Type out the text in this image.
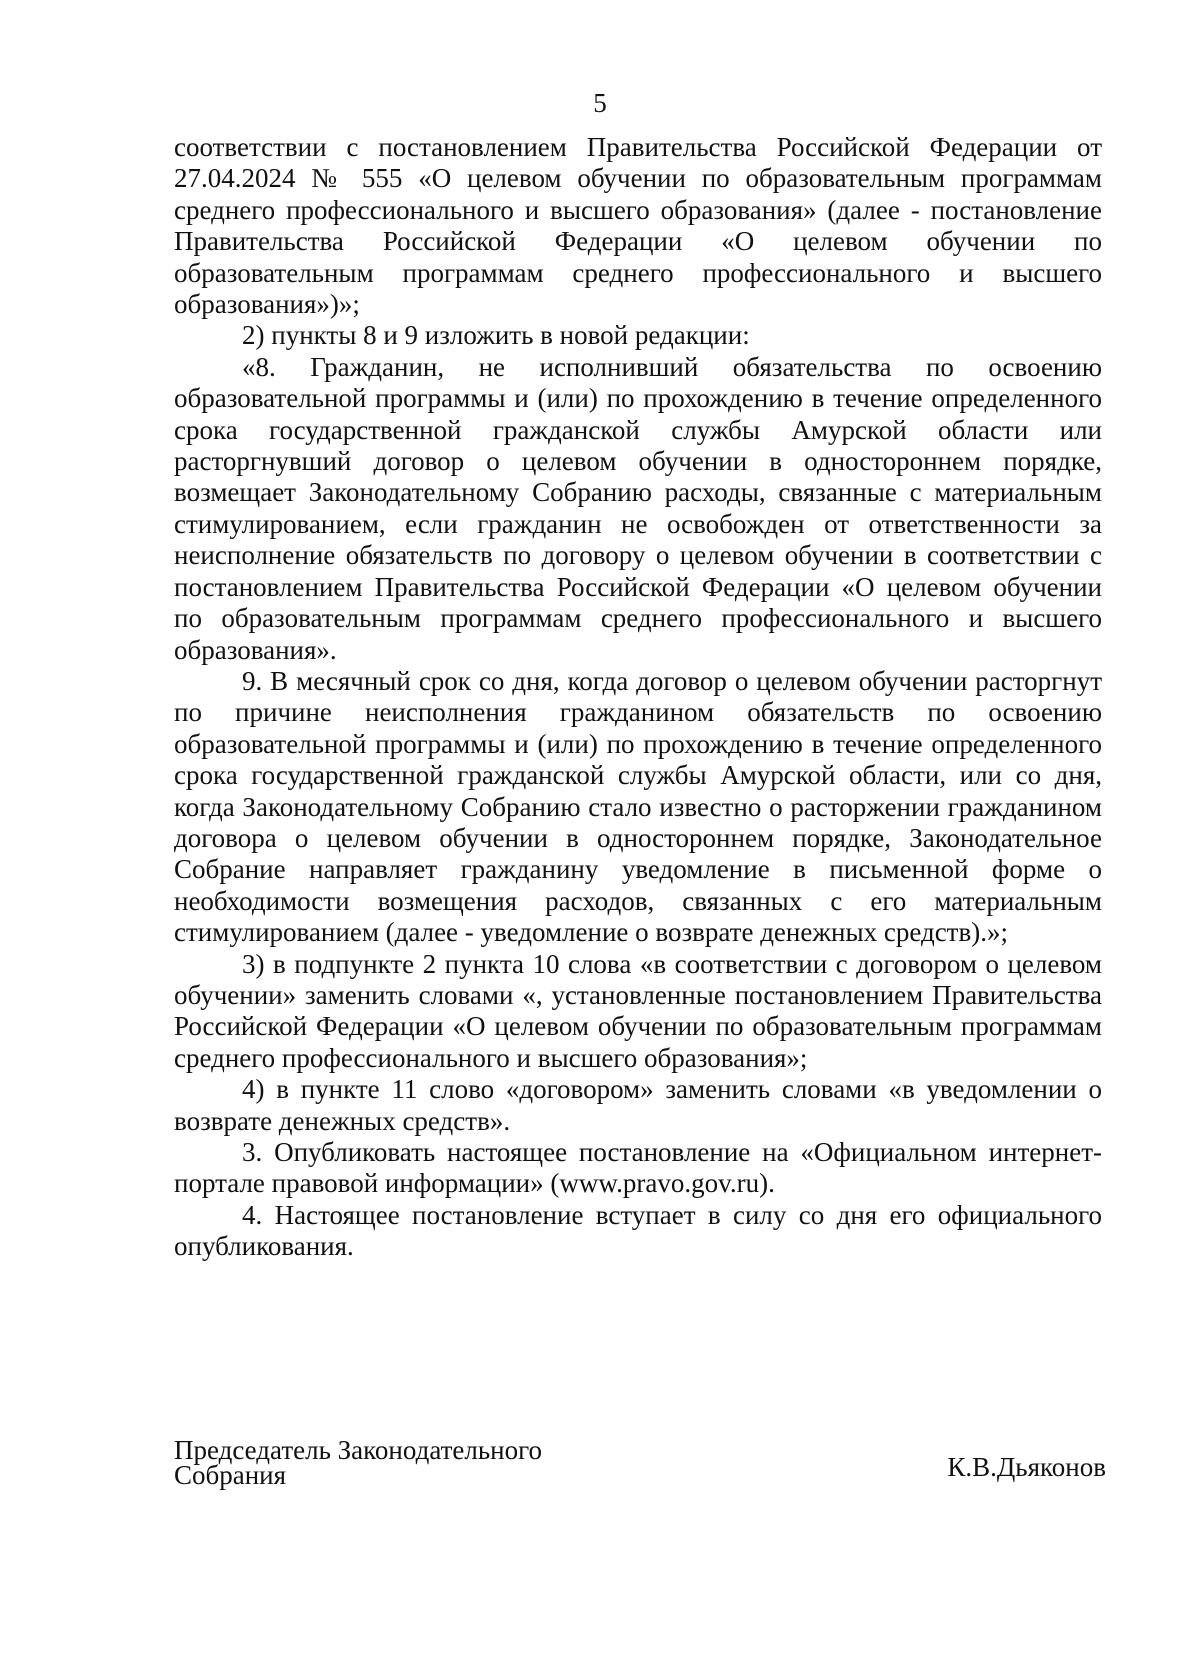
5

соответствии с постановлением Правительства Российской Федерации от 27.04.2024 № 555 «О целевом обучении по образовательным программам среднего профессионального и высшего образования» (далее - постановление Правительства Российской Федерации «О целевом обучении по образовательным программам среднего профессионального и высшего образования»)»;

2) пункты 8 и 9 изложить в новой редакции:

«8. Гражданин, не исполнивший обязательства по освоению образовательной программы и (или) по прохождению в течение определенного срока государственной гражданской службы Амурской области или расторгнувший договор о целевом обучении в одностороннем порядке, возмещает Законодательному Собранию расходы, связанные с материальным стимулированием, если гражданин не освобожден от ответственности за неисполнение обязательств по договору о целевом обучении в соответствии с постановлением Правительства Российской Федерации «О целевом обучении по образовательным программам среднего профессионального и высшего образования».

9. В месячный срок со дня, когда договор о целевом обучении расторгнут по причине неисполнения гражданином обязательств по освоению образовательной программы и (или) по прохождению в течение определенного срока государственной гражданской службы Амурской области, или со дня, когда Законодательному Собранию стало известно о расторжении гражданином договора о целевом обучении в одностороннем порядке, Законодательное Собрание направляет гражданину уведомление в письменной форме о необходимости возмещения расходов, связанных с его материальным стимулированием (далее - уведомление о возврате денежных средств).»;

3) в подпункте 2 пункта 10 слова «в соответствии с договором о целевом обучении» заменить словами «, установленные постановлением Правительства Российской Федерации «О целевом обучении по образовательным программам среднего профессионального и высшего образования»;

4) в пункте 11 слово «договором» заменить словами «в уведомлении о возврате денежных средств».

3. Опубликовать настоящее постановление на «Официальном интернет-портале правовой информации» (www.pravo.gov.ru).

4. Настоящее постановление вступает в силу со дня его официального опубликования.

Председатель Законодательного
Собрания	К.В.Дьяконов
